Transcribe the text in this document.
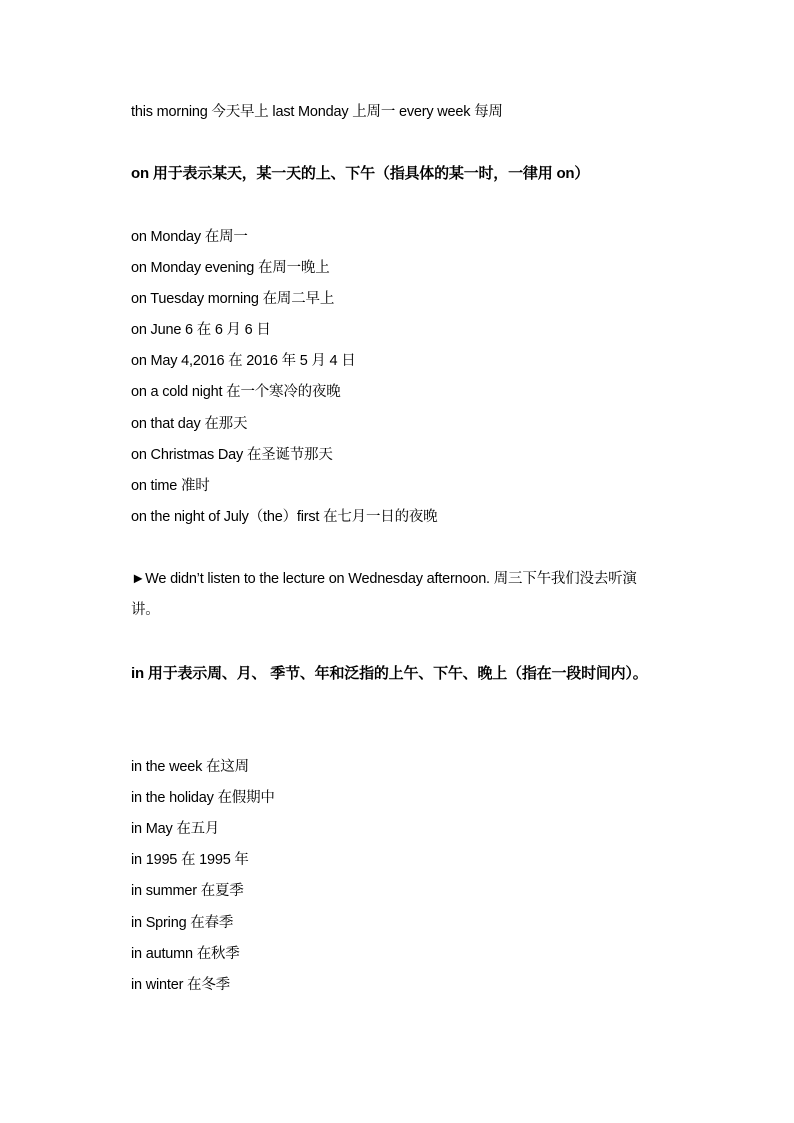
this morning 今天早上 last Monday 上周一 every week 每周
on 用于表示某天，某一天的上、下午（指具体的某一时，一律用 on）
on Monday 在周一
on Monday evening 在周一晚上
on Tuesday morning 在周二早上
on June 6 在 6 月 6 日
on May 4,2016 在 2016 年 5 月 4 日
on a cold night 在一个寒冷的夜晚
on that day 在那天
on Christmas Day 在圣诞节那天
on time 准时
on the night of July（the）first 在七月一日的夜晚
►We didn’t listen to the lecture on Wednesday afternoon. 周三下午我们没去听演讲。
in 用于表示周、月、 季节、年和泛指的上午、下午、晚上（指在一段时间内）。
in the week 在这周
in the holiday 在假期中
in May 在五月
in 1995 在 1995 年
in summer 在夏季
in Spring 在春季
in autumn 在秋季
in winter 在冬季
